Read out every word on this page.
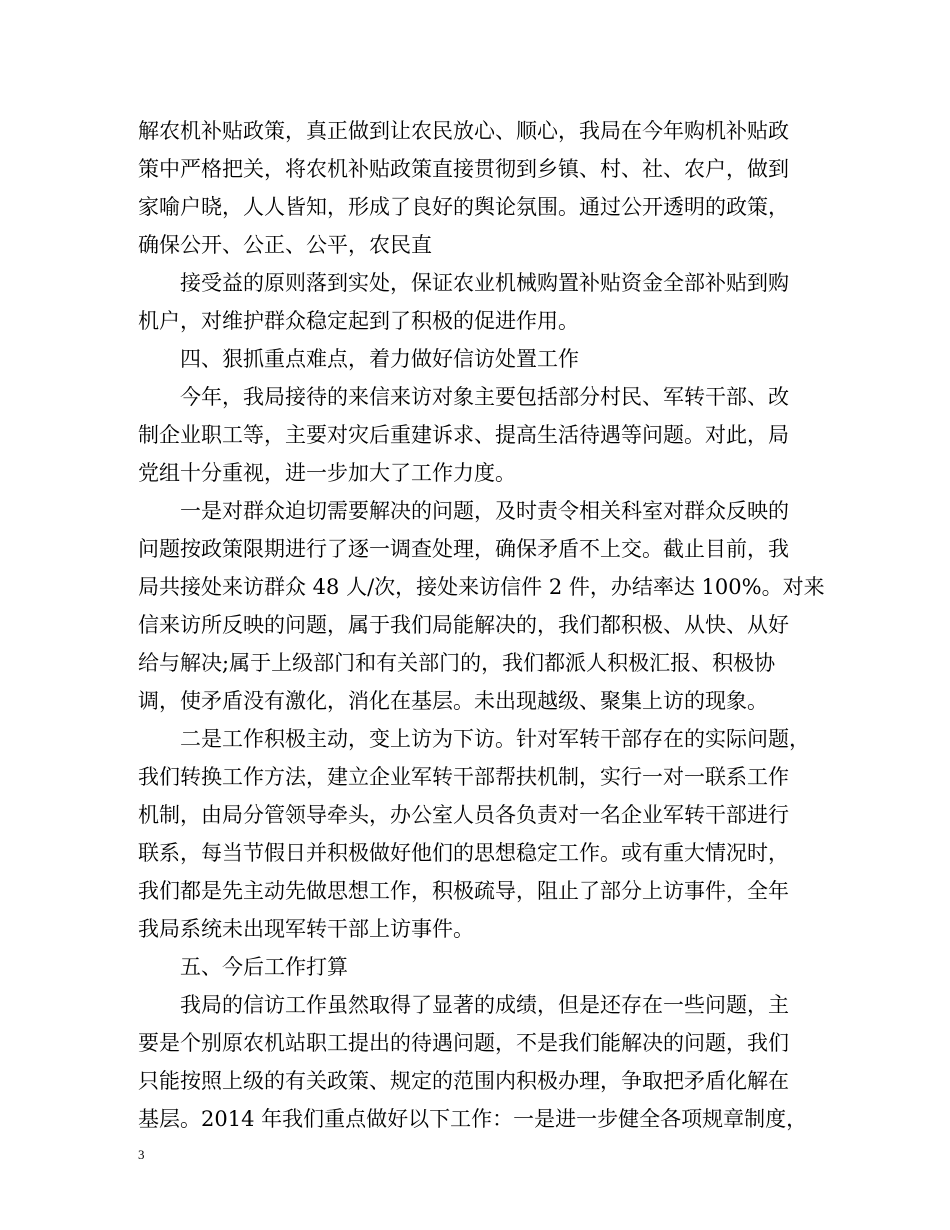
解农机补贴政策，真正做到让农民放心、顺心，我局在今年购机补贴政
策中严格把关，将农机补贴政策直接贯彻到乡镇、村、社、农户，做到
家喻户晓，人人皆知，形成了良好的舆论氛围。通过公开透明的政策，
确保公开、公正、公平，农民直
接受益的原则落到实处，保证农业机械购置补贴资金全部补贴到购
机户，对维护群众稳定起到了积极的促进作用。
四、狠抓重点难点，着力做好信访处置工作
今年，我局接待的来信来访对象主要包括部分村民、军转干部、改
制企业职工等，主要对灾后重建诉求、提高生活待遇等问题。对此，局
党组十分重视，进一步加大了工作力度。
一是对群众迫切需要解决的问题，及时责令相关科室对群众反映的
问题按政策限期进行了逐一调查处理，确保矛盾不上交。截止目前，我
局共接处来访群众 48 人/次，接处来访信件 2 件，办结率达 100%。对来
信来访所反映的问题，属于我们局能解决的，我们都积极、从快、从好
给与解决;属于上级部门和有关部门的，我们都派人积极汇报、积极协
调，使矛盾没有激化，消化在基层。未出现越级、聚集上访的现象。
二是工作积极主动，变上访为下访。针对军转干部存在的实际问题，
我们转换工作方法，建立企业军转干部帮扶机制，实行一对一联系工作
机制，由局分管领导牵头，办公室人员各负责对一名企业军转干部进行
联系，每当节假日并积极做好他们的思想稳定工作。或有重大情况时，
我们都是先主动先做思想工作，积极疏导，阻止了部分上访事件，全年
我局系统未出现军转干部上访事件。
五、今后工作打算
我局的信访工作虽然取得了显著的成绩，但是还存在一些问题，主
要是个别原农机站职工提出的待遇问题，不是我们能解决的问题，我们
只能按照上级的有关政策、规定的范围内积极办理，争取把矛盾化解在
基层。2014 年我们重点做好以下工作：一是进一步健全各项规章制度，
3
